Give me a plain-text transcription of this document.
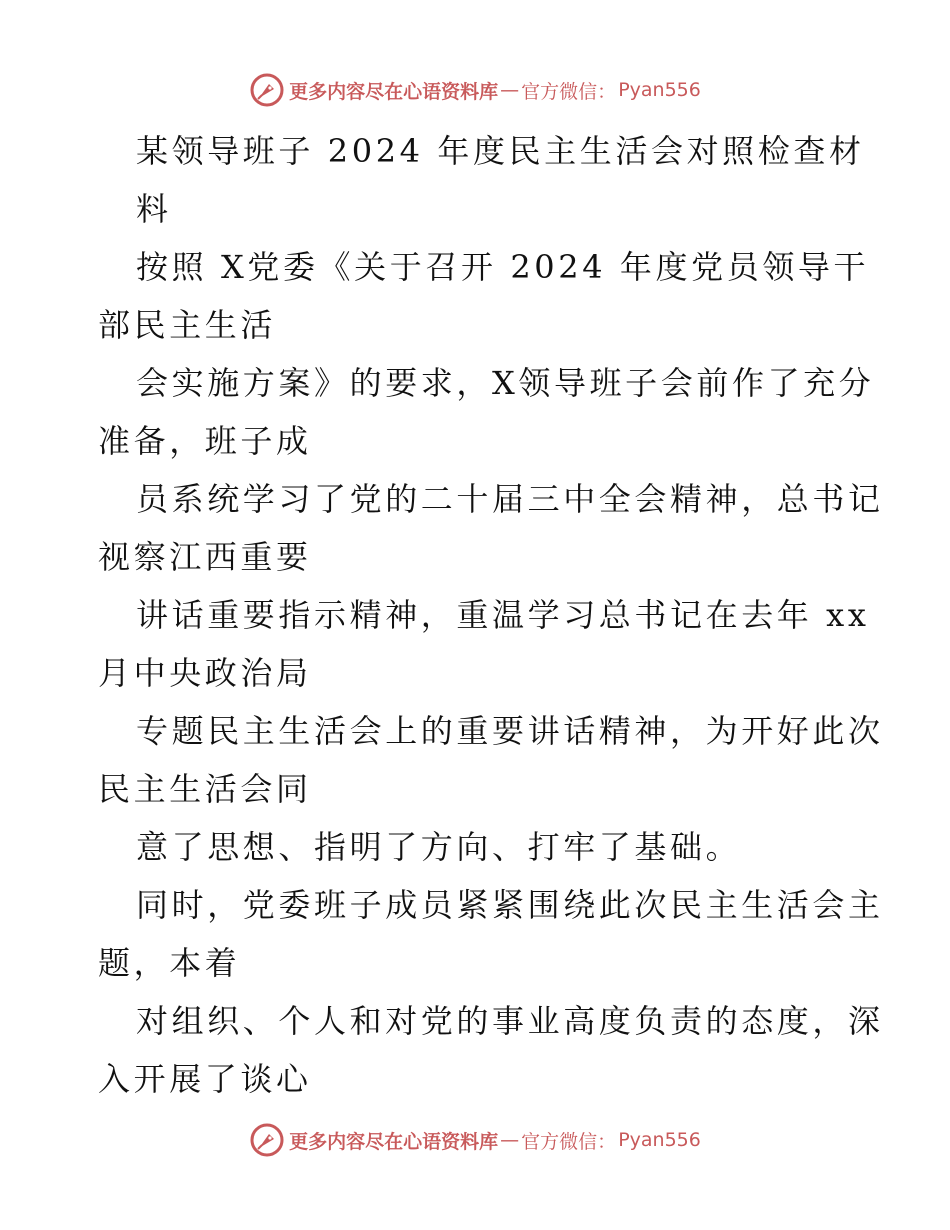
更多内容尽在心语资料库 — 官方微信： Pyan556
某领导班子 2024 年度民主生活会对照检查材
料
按照 X党委《关于召开 2024 年度党员领导干
部民主生活
会实施方案》的要求，X领导班子会前作了充分
准备，班子成
员系统学习了党的二十届三中全会精神，总书记
视察江西重要
讲话重要指示精神，重温学习总书记在去年 xx
月中央政治局
专题民主生活会上的重要讲话精神，为开好此次
民主生活会同
意了思想、指明了方向、打牢了基础。
同时，党委班子成员紧紧围绕此次民主生活会主
题，本着
对组织、个人和对党的事业高度负责的态度，深
入开展了谈心
更多内容尽在心语资料库 — 官方微信： Pyan556
